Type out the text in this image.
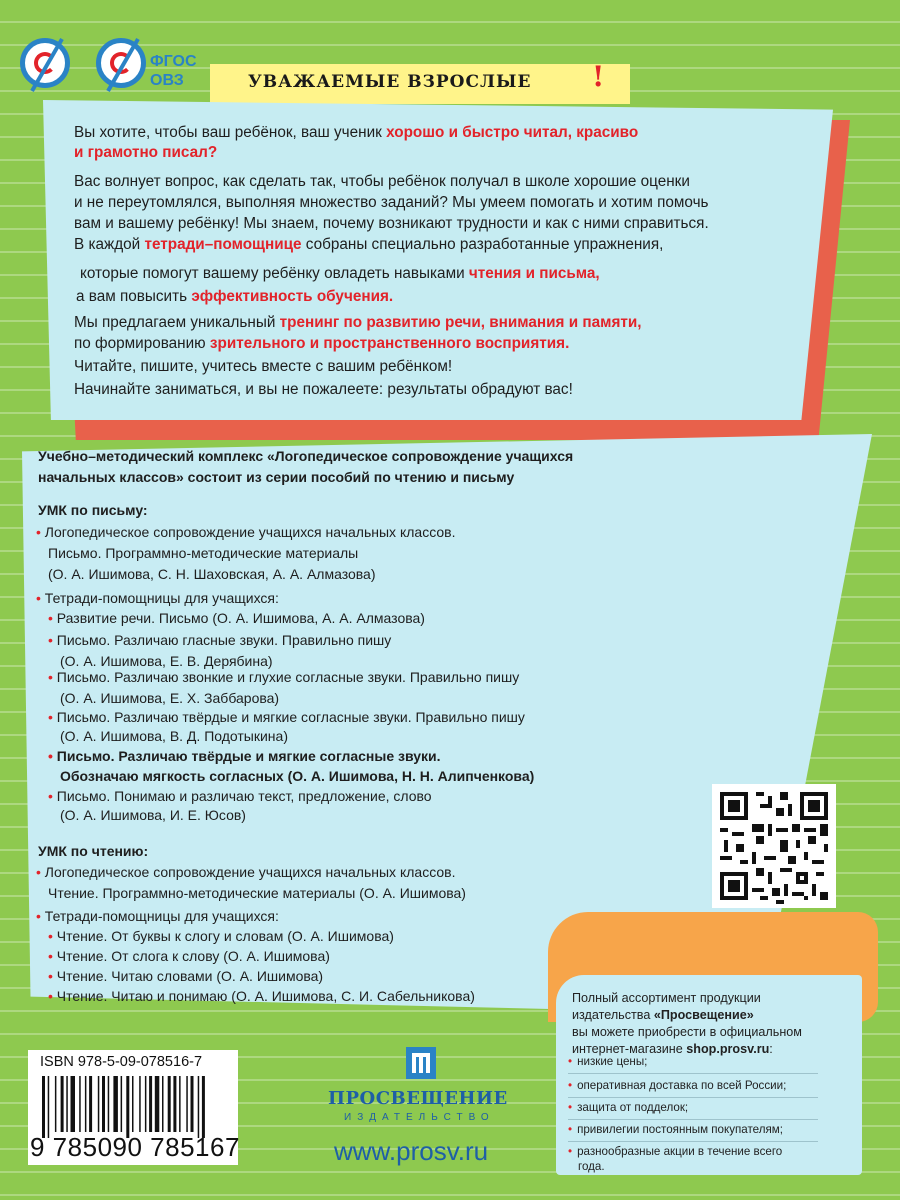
ФГОС
ОВЗ	УВАЖАЕМЫЕ ВЗРОСЛЫЕ !
Вы хотите, чтобы ваш ребёнок, ваш ученик хорошо и быстро читал, красиво
и грамотно писал?
Вас волнует вопрос, как сделать так, чтобы ребёнок получал в школе хорошие оценки
и не переутомлялся, выполняя множество заданий? Мы умеем помогать и хотим помочь
вам и вашему ребёнку! Мы знаем, почему возникают трудности и как с ними справиться.
В каждой тетради–помощнице собраны специально разработанные упражнения,
которые помогут вашему ребёнку овладеть навыками чтения и письма,
а вам повысить эффективность обучения.
Мы предлагаем уникальный тренинг по развитию речи, внимания и памяти,
по формированию зрительного и пространственного восприятия.
Читайте, пишите, учитесь вместе с вашим ребёнком!
Начинайте заниматься, и вы не пожалеете: результаты обрадуют вас!
Учебно–методический комплекс «Логопедическое сопровождение учащихся
начальных классов» состоит из серии пособий по чтению и письму
УМК по письму:
• Логопедическое сопровождение учащихся начальных классов.
Письмо. Программно-методические материалы
(О. А. Ишимова, С. Н. Шаховская, А. А. Алмазова)
• Тетради-помощницы для учащихся:
• Развитие речи. Письмо (О. А. Ишимова, А. А. Алмазова)
• Письмо. Различаю гласные звуки. Правильно пишу
(О. А. Ишимова, Е. В. Дерябина)
• Письмо. Различаю звонкие и глухие согласные звуки. Правильно пишу
(О. А. Ишимова, Е. Х. Заббарова)
• Письмо. Различаю твёрдые и мягкие согласные звуки. Правильно пишу
(О. А. Ишимова, В. Д. Подотыкина)
• Письмо. Различаю твёрдые и мягкие согласные звуки.
Обозначаю мягкость согласных (О. А. Ишимова, Н. Н. Алипченкова)
• Письмо. Понимаю и различаю текст, предложение, слово
(О. А. Ишимова, И. Е. Юсов)
УМК по чтению:
• Логопедическое сопровождение учащихся начальных классов.
Чтение. Программно-методические материалы (О. А. Ишимова)
• Тетради-помощницы для учащихся:
• Чтение. От буквы к слогу и словам (О. А. Ишимова)
• Чтение. От слога к слову (О. А. Ишимова)
• Чтение. Читаю словами (О. А. Ишимова)
• Чтение. Читаю и понимаю (О. А. Ишимова, С. И. Сабельникова)	Полный ассортимент продукции
издательства «Просвещение»
вы можете приобрести в официальном
интернет-магазине shop.prosv.ru:
• низкие цены;
• оперативная доставка по всей России;
• защита от подделок;
• привилегии постоянным покупателям;
• разнообразные акции в течение всего
года.
ISBN 978-5-09-078516-7
9 785090 785167
ПРОСВЕЩЕНИЕ
ИЗДАТЕЛЬСТВО
www.prosv.ru
